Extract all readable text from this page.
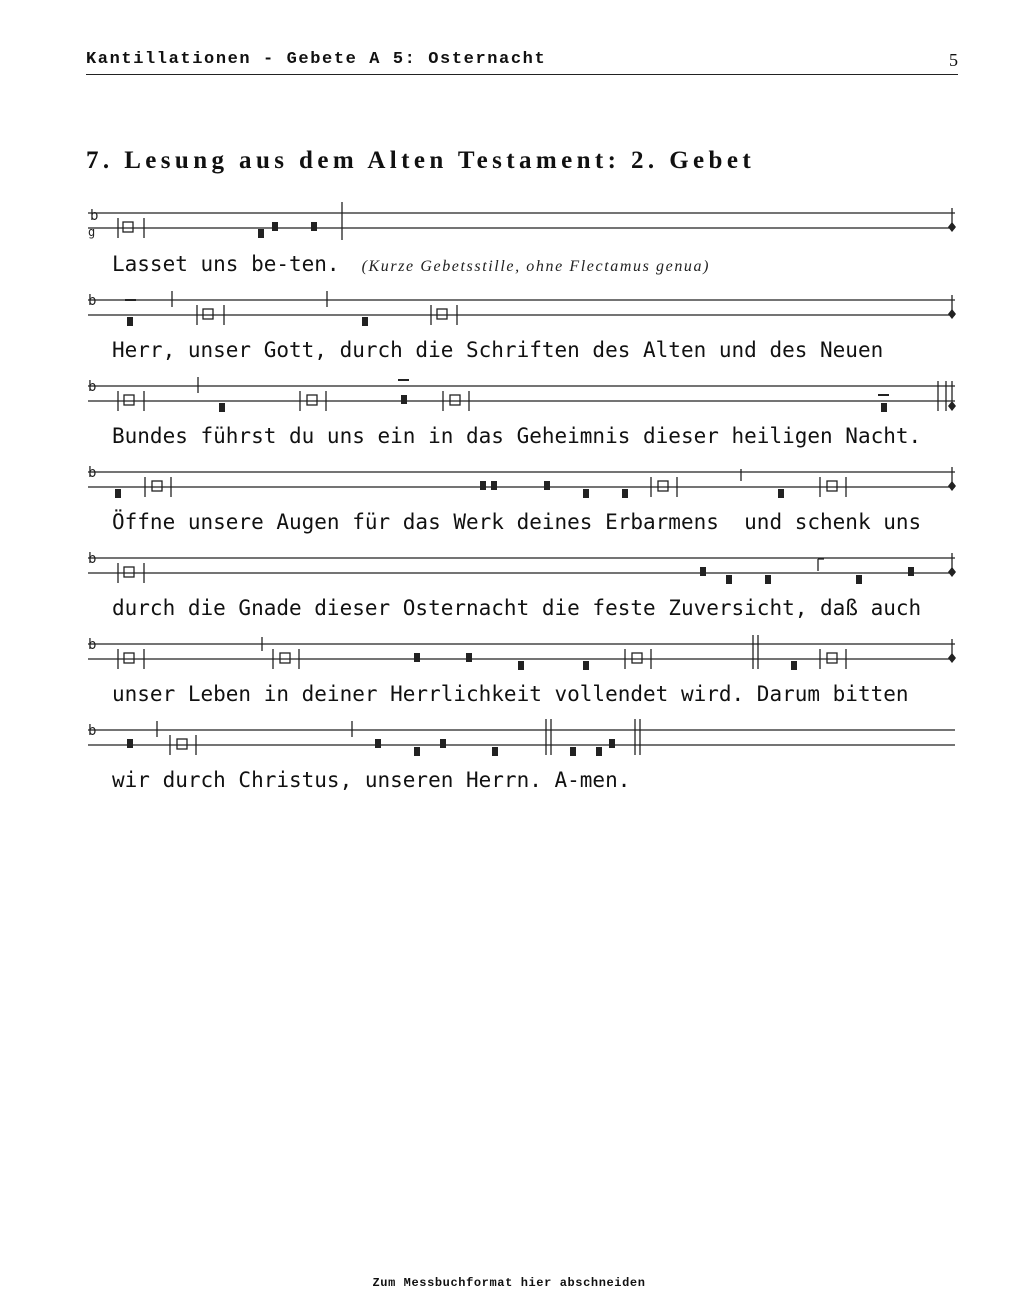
Kantillationen - Gebete A 5: Osternacht	5
7. Lesung aus dem Alten Testament: 2. Gebet
b
g
Lasset uns be-ten. (Kurze Gebetsstille, ohne Flectamus genua)
b
Herr, unser Gott, durch die Schriften des Alten und des Neuen
b
Bundes führst du uns ein in das Geheimnis dieser heiligen Nacht.
b
Öffne unsere Augen für das Werk deines Erbarmens  und schenk uns
b
durch die Gnade dieser Osternacht die feste Zuversicht, daß auch
b
unser Leben in deiner Herrlichkeit vollendet wird. Darum bitten
b
wir durch Christus, unseren Herrn. A-men.
Zum Messbuchformat hier abschneiden
